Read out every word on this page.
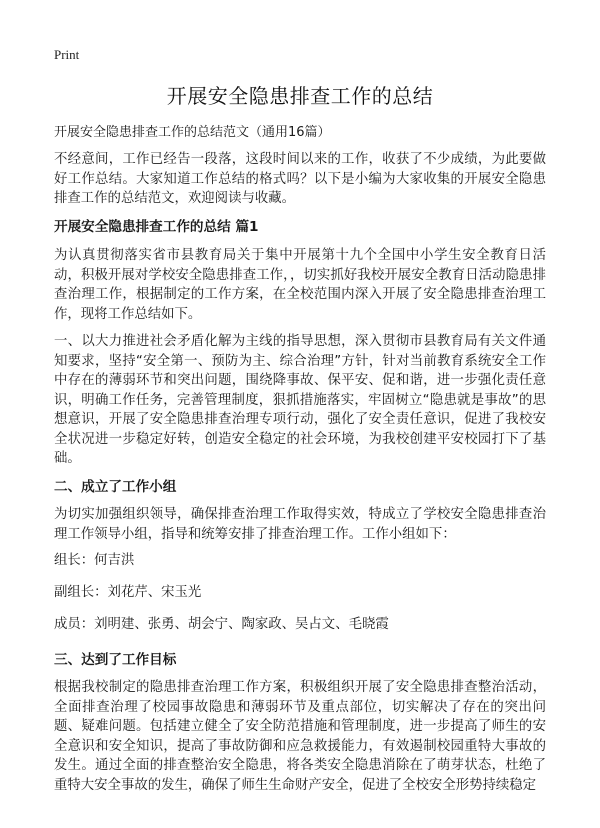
Print
开展安全隐患排查工作的总结
开展安全隐患排查工作的总结范文（通用16篇）
不经意间，工作已经告一段落，这段时间以来的工作，收获了不少成绩，为此要做好工作总结。大家知道工作总结的格式吗？以下是小编为大家收集的开展安全隐患排查工作的总结范文，欢迎阅读与收藏。
开展安全隐患排查工作的总结 篇1
为认真贯彻落实省市县教育局关于集中开展第十九个全国中小学生安全教育日活动，积极开展对学校安全隐患排查工作，，切实抓好我校开展安全教育日活动隐患排查治理工作，根据制定的工作方案，在全校范围内深入开展了安全隐患排查治理工作，现将工作总结如下。
一、以大力推进社会矛盾化解为主线的指导思想，深入贯彻市县教育局有关文件通知要求，坚持“安全第一、预防为主、综合治理”方针，针对当前教育系统安全工作中存在的薄弱环节和突出问题，围绕降事故、保平安、促和谐，进一步强化责任意识，明确工作任务，完善管理制度，狠抓措施落实，牢固树立“隐患就是事故”的思想意识，开展了安全隐患排查治理专项行动，强化了安全责任意识，促进了我校安全状况进一步稳定好转，创造安全稳定的社会环境，为我校创建平安校园打下了基础。
二、成立了工作小组
为切实加强组织领导，确保排查治理工作取得实效，特成立了学校安全隐患排查治理工作领导小组，指导和统筹安排了排查治理工作。工作小组如下：
组长：何吉洪
副组长：刘花芹、宋玉光
成员：刘明建、张勇、胡会宁、陶家政、吴占文、毛晓霞
三、达到了工作目标
根据我校制定的隐患排查治理工作方案，积极组织开展了安全隐患排查整治活动，全面排查治理了校园事故隐患和薄弱环节及重点部位，切实解决了存在的突出问题、疑难问题。包括建立健全了安全防范措施和管理制度，进一步提高了师生的安全意识和安全知识，提高了事故防御和应急救援能力，有效遏制校园重特大事故的发生。通过全面的排查整治安全隐患，将各类安全隐患消除在了萌芽状态，杜绝了重特大安全事故的发生，确保了师生生命财产安全，促进了全校安全形势持续稳定
